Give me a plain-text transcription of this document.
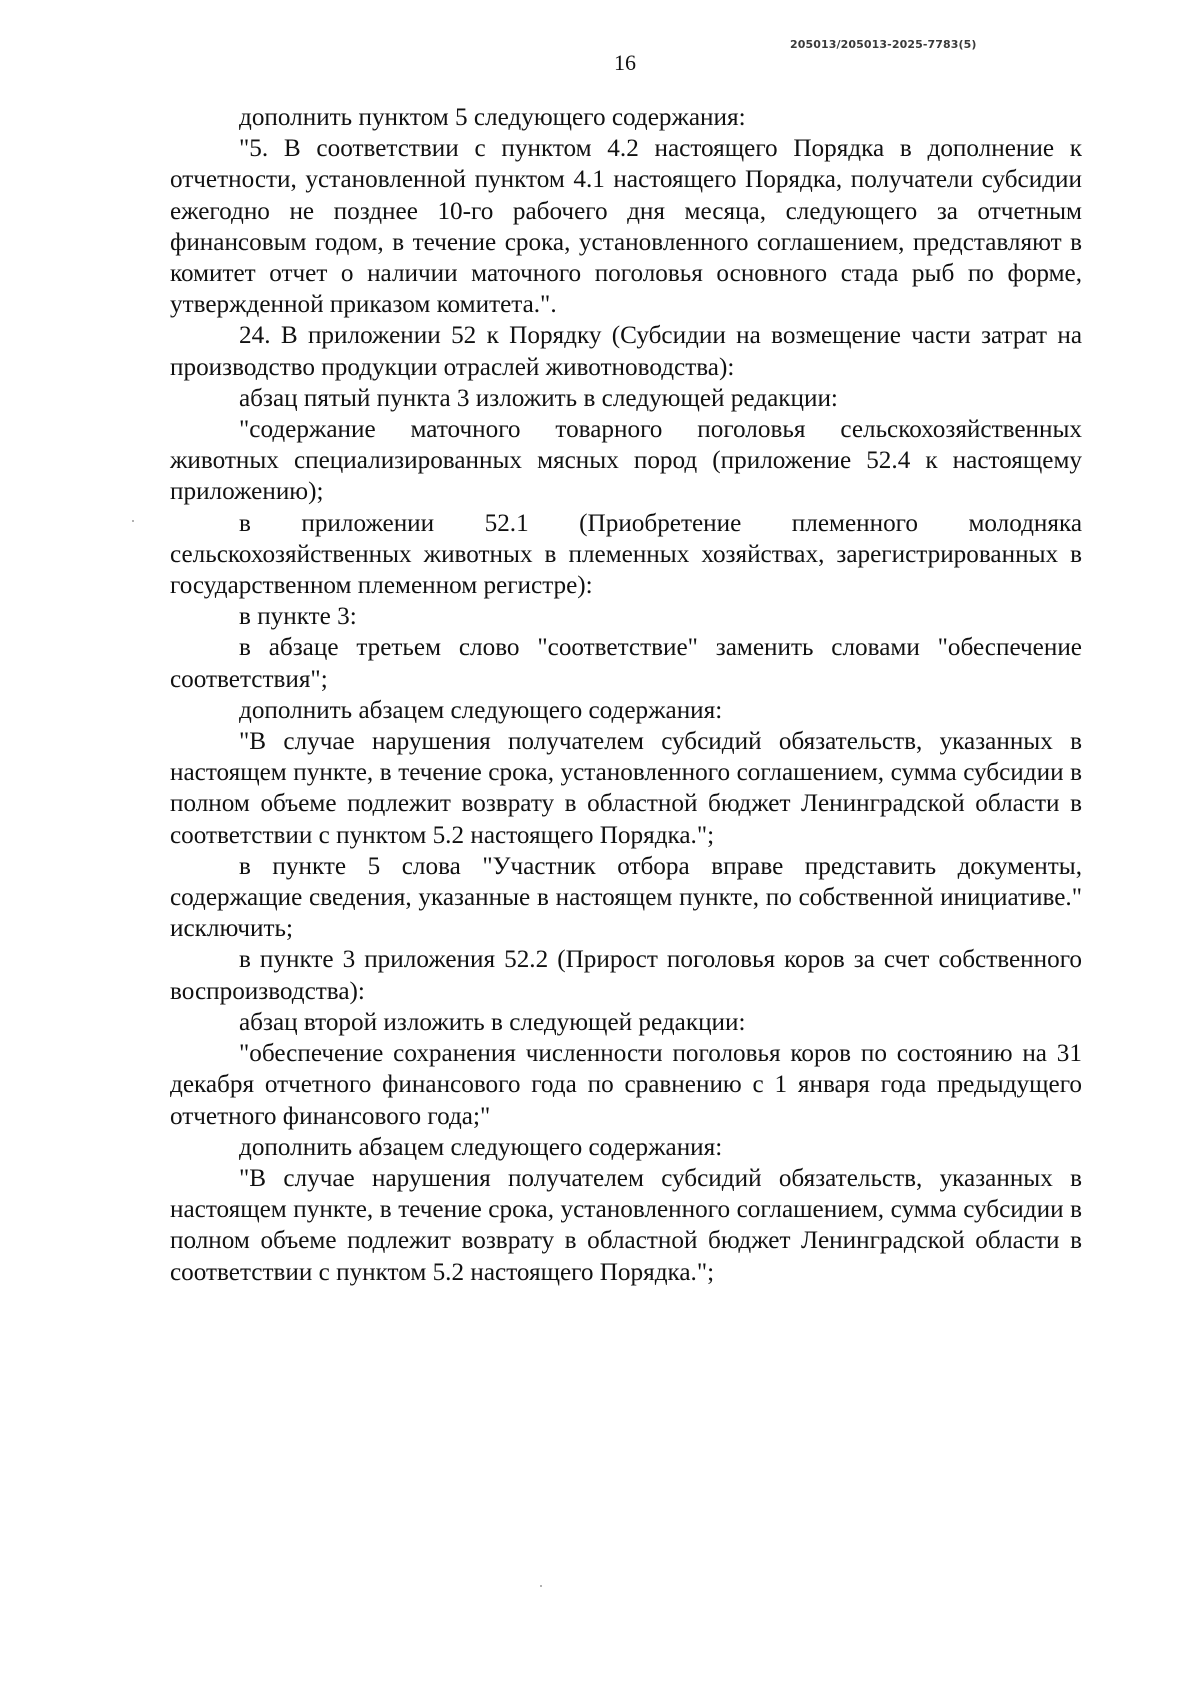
205013/205013-2025-7783(5)
16

дополнить пунктом 5 следующего содержания:

"5. В соответствии с пунктом 4.2 настоящего Порядка в дополнение к отчетности, установленной пунктом 4.1 настоящего Порядка, получатели субсидии ежегодно не позднее 10-го рабочего дня месяца, следующего за отчетным финансовым годом, в течение срока, установленного соглашением, представляют в комитет отчет о наличии маточного поголовья основного стада рыб по форме, утвержденной приказом комитета.".

24. В приложении 52 к Порядку (Субсидии на возмещение части затрат на производство продукции отраслей животноводства):

абзац пятый пункта 3 изложить в следующей редакции:

"содержание маточного товарного поголовья сельскохозяйственных животных специализированных мясных пород (приложение 52.4 к настоящему приложению);

в приложении 52.1 (Приобретение племенного молодняка сельскохозяйственных животных в племенных хозяйствах, зарегистрированных в государственном племенном регистре):

в пункте 3:

в абзаце третьем слово "соответствие" заменить словами "обеспечение соответствия";

дополнить абзацем следующего содержания:

"В случае нарушения получателем субсидий обязательств, указанных в настоящем пункте, в течение срока, установленного соглашением, сумма субсидии в полном объеме подлежит возврату в областной бюджет Ленинградской области в соответствии с пунктом 5.2 настоящего Порядка.";

в пункте 5 слова "Участник отбора вправе представить документы, содержащие сведения, указанные в настоящем пункте, по собственной инициативе." исключить;

в пункте 3 приложения 52.2 (Прирост поголовья коров за счет собственного воспроизводства):

абзац второй изложить в следующей редакции:

"обеспечение сохранения численности поголовья коров по состоянию на 31 декабря отчетного финансового года по сравнению с 1 января года предыдущего отчетного финансового года;"

дополнить абзацем следующего содержания:

"В случае нарушения получателем субсидий обязательств, указанных в настоящем пункте, в течение срока, установленного соглашением, сумма субсидии в полном объеме подлежит возврату в областной бюджет Ленинградской области в соответствии с пунктом 5.2 настоящего Порядка.";
